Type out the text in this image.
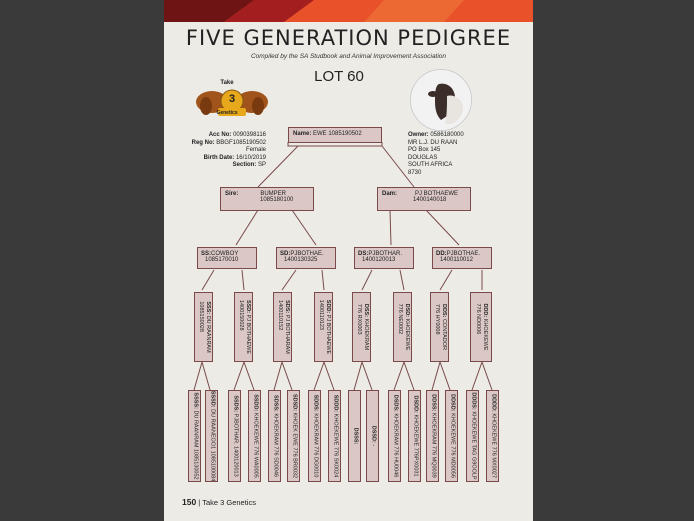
FIVE GENERATION PEDIGREE
Compiled by the SA Studbook and Animal Improvement Association
LOT 60
Take
3
Genetics
Acc No: 0090398116
Reg No: BBGF1085190502
Female
Birth Date: 16/10/2019
Section: SP
Owner: 0586180000
MR L.J. DU RAAN
PO Box 145
DOUGLAS
SOUTH AFRICA
8730
Name: EWE 1085190502
Sire:	BUMPER
1085180100
Dam:	PJ BOTHAEWE
1400140018
SS:COWBOY
1085170010
SD:PJBOTHAE.
1400130325
DS:PJBOTHAR.
1400120013
DD:PJBOTHAE.
1400110012
SSS: DU RAANRAM
1085150028	SSD: PJ BOTHAEWE
1400150028	SDS: PJ BOTHARAM
1400110152	SDD: PJ BOTHAEWE
1400110123	DSS: KHOEKRAM
776 RX0003	DSD: KHOEKEWE
776 NE0002	DDS: CONTADOR
776 HY0008	DDD: KHOEKEWE
776 ND0006
SSSS: DU RAANRAM 1085130052
SSSD: DU RAANEOO1 1085100084
SSDS: PJBOTHAR. 1400120013
SSDD: KHOEKEWE 776 WA0005
SDSS: KHOEKRAM 776 SD0046
SDSD: KHOEK EWE 776 BR0032
SDDS: KHOEKRAM 776 DG0010
SDDD: KHOEKEWE 776 SK0024	DSSS: DSSD: -
DSDS: KHOEKRAM 776 HU0046
DSDD: KHOEKEWE 776PX0031
DDSS: KHOEKRAM 776 MQ0039
DDSD: KHOEKEWE 776 MD0056
DDDS: KHOEKEWE TAG G9OOLP
DDDD: KHOEKEWE 776 MX0027
150 | Take 3 Genetics
